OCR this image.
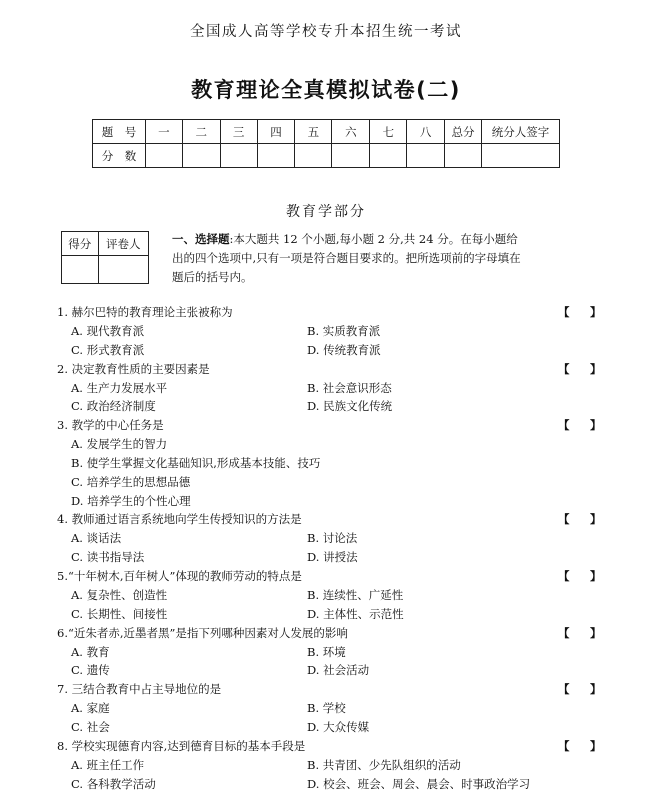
全国成人高等学校专升本招生统一考试
教育理论全真模拟试卷(二)
题　号	一	二	三	四	五	六	七	八	总分	统分人签字
分　数										
教育学部分
得分	评卷人
		一、选择题:本大题共 12 个小题,每小题 2 分,共 24 分。在每小题给出的四个选项中,只有一项是符合题目要求的。把所选项前的字母填在题后的括号内。
1. 赫尔巴特的教育理论主张被称为	【 】
A. 现代教育派	B. 实质教育派
C. 形式教育派	D. 传统教育派
2. 决定教育性质的主要因素是	【 】
A. 生产力发展水平	B. 社会意识形态
C. 政治经济制度	D. 民族文化传统
3. 教学的中心任务是	【 】
A. 发展学生的智力
B. 使学生掌握文化基础知识,形成基本技能、技巧
C. 培养学生的思想品德
D. 培养学生的个性心理
4. 教师通过语言系统地向学生传授知识的方法是	【 】
A. 谈话法	B. 讨论法
C. 读书指导法	D. 讲授法
5.“十年树木,百年树人”体现的教师劳动的特点是	【 】
A. 复杂性、创造性	B. 连续性、广延性
C. 长期性、间接性	D. 主体性、示范性
6.“近朱者赤,近墨者黑”是指下列哪种因素对人发展的影响	【 】
A. 教育	B. 环境
C. 遗传	D. 社会活动
7. 三结合教育中占主导地位的是	【 】
A. 家庭	B. 学校
C. 社会	D. 大众传媒
8. 学校实现德育内容,达到德育目标的基本手段是	【 】
A. 班主任工作	B. 共青团、少先队组织的活动
C. 各科教学活动	D. 校会、班会、周会、晨会、时事政治学习
